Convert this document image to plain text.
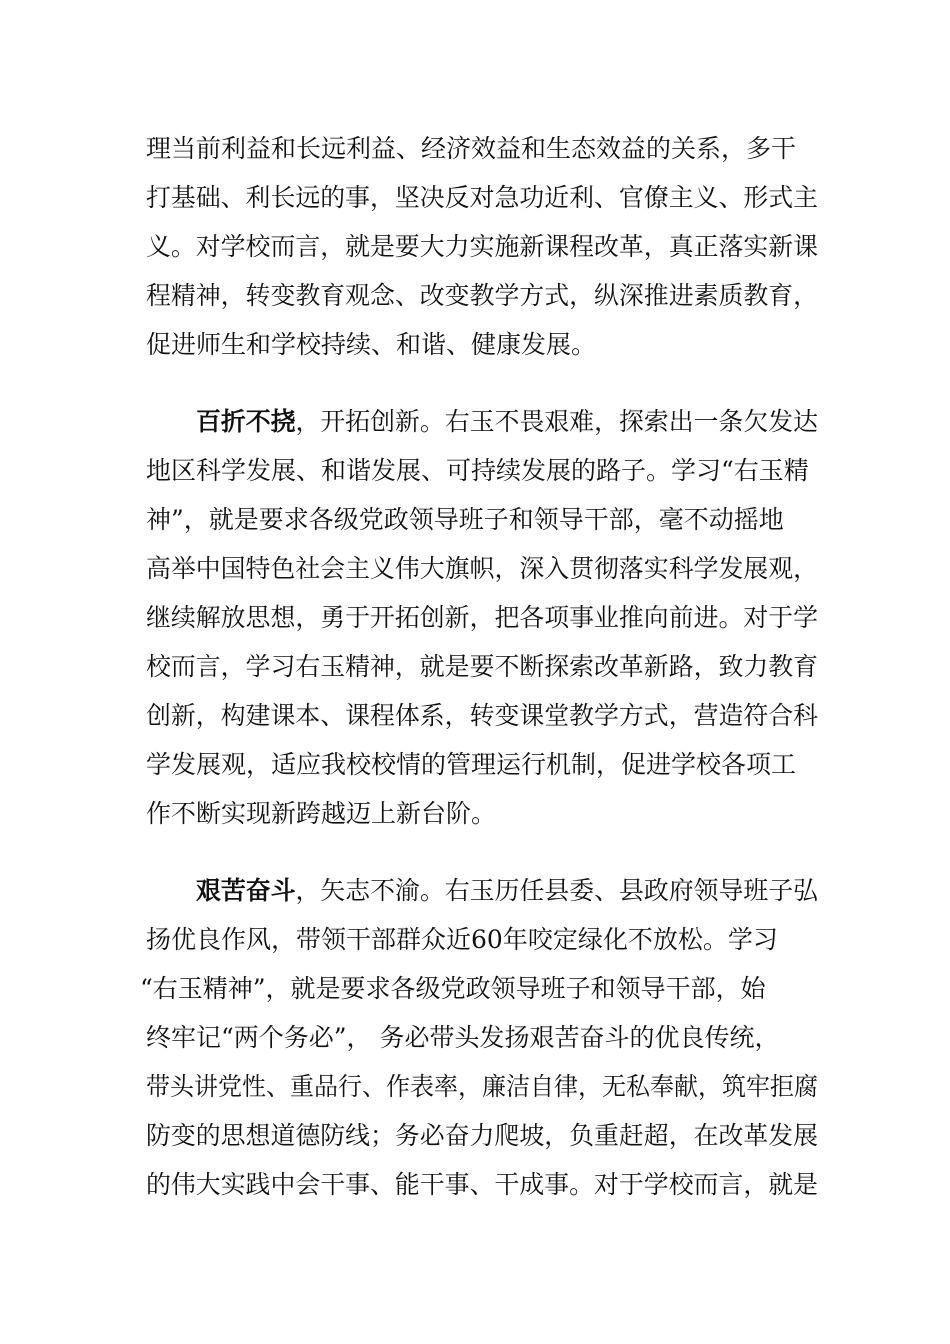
理当前利益和长远利益、经济效益和生态效益的关系，多干
打基础、利长远的事，坚决反对急功近利、官僚主义、形式主
义。对学校而言，就是要大力实施新课程改革，真正落实新课
程精神，转变教育观念、改变教学方式，纵深推进素质教育，
促进师生和学校持续、和谐、健康发展。
百折不挠，开拓创新。右玉不畏艰难，探索出一条欠发达
地区科学发展、和谐发展、可持续发展的路子。学习“右玉精
神”，就是要求各级党政领导班子和领导干部，毫不动摇地
高举中国特色社会主义伟大旗帜，深入贯彻落实科学发展观，
继续解放思想，勇于开拓创新，把各项事业推向前进。对于学
校而言，学习右玉精神，就是要不断探索改革新路，致力教育
创新，构建课本、课程体系，转变课堂教学方式，营造符合科
学发展观，适应我校校情的管理运行机制，促进学校各项工
作不断实现新跨越迈上新台阶。
艰苦奋斗，矢志不渝。右玉历任县委、县政府领导班子弘
扬优良作风，带领干部群众近60年咬定绿化不放松。学习
“右玉精神”，就是要求各级党政领导班子和领导干部，始
终牢记“两个务必”， 务必带头发扬艰苦奋斗的优良传统，
带头讲党性、重品行、作表率，廉洁自律，无私奉献，筑牢拒腐
防变的思想道德防线；务必奋力爬坡，负重赶超，在改革发展
的伟大实践中会干事、能干事、干成事。对于学校而言，就是
